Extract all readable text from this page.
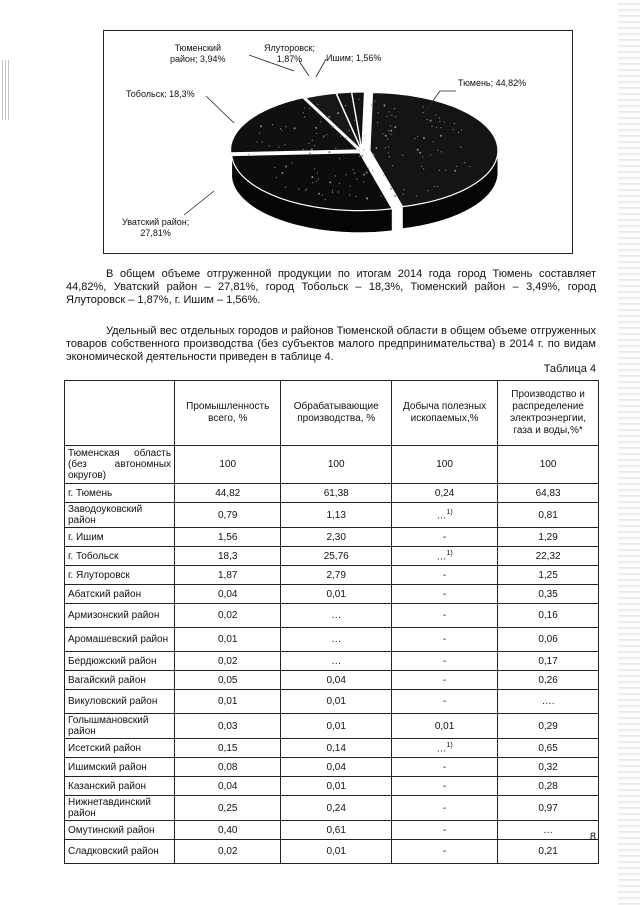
Тюменский
район; 3,94%
Ялуторовск;
1,87%	Ишим; 1,56%
Тюмень; 44,82%
Тобольск; 18,3%
Уватский район;
27,81%

В общем объеме отгруженной продукции по итогам 2014 года город Тюмень составляет 44,82%, Уватский район – 27,81%, город Тобольск – 18,3%, Тюменский район – 3,49%, город Ялуторовск – 1,87%, г. Ишим – 1,56%.

Удельный вес отдельных городов и районов Тюменской области в общем объеме отгруженных товаров собственного производства (без субъектов малого предпринимательства) в 2014 г. по видам экономической деятельности приведен в таблице 4.

Таблица 4
	Промышленность всего, %	Обрабатывающие производства, %	Добыча полезных ископаемых,%	Производство и распределение электроэнергии, газа и воды,%*
Тюменская область (без автономных округов)	100	100	100	100
г. Тюмень	44,82	61,38	0,24	64,83
Заводоуковский район	0,79	1,13	…$^{1)}$	0,81
г. Ишим	1,56	2,30	-	1,29
г. Тобольск	18,3	25,76	…$^{1)}$	22,32
г. Ялуторовск	1,87	2,79	-	1,25
Абатский район	0,04	0,01	-	0,35
Армизонский район	0,02	…	-	0,16
Аромашевский район	0,01	…	-	0,06
Бердюжский район	0,02	…	-	0,17
Вагайский район	0,05	0,04	-	0,26
Викуловский район	0,01	0,01	-	….
Голышмановский район	0,03	0,01	0,01	0,29
Исетский район	0,15	0,14	…$^{1)}$	0,65
Ишимский район	0,08	0,04	-	0,32
Казанский район	0,04	0,01	-	0,28
Нижнетавдинский район	0,25	0,24	-	0,97
Омутинский район	0,40	0,61	-	…
Сладковский район	0,02	0,01	-	0,21
8
